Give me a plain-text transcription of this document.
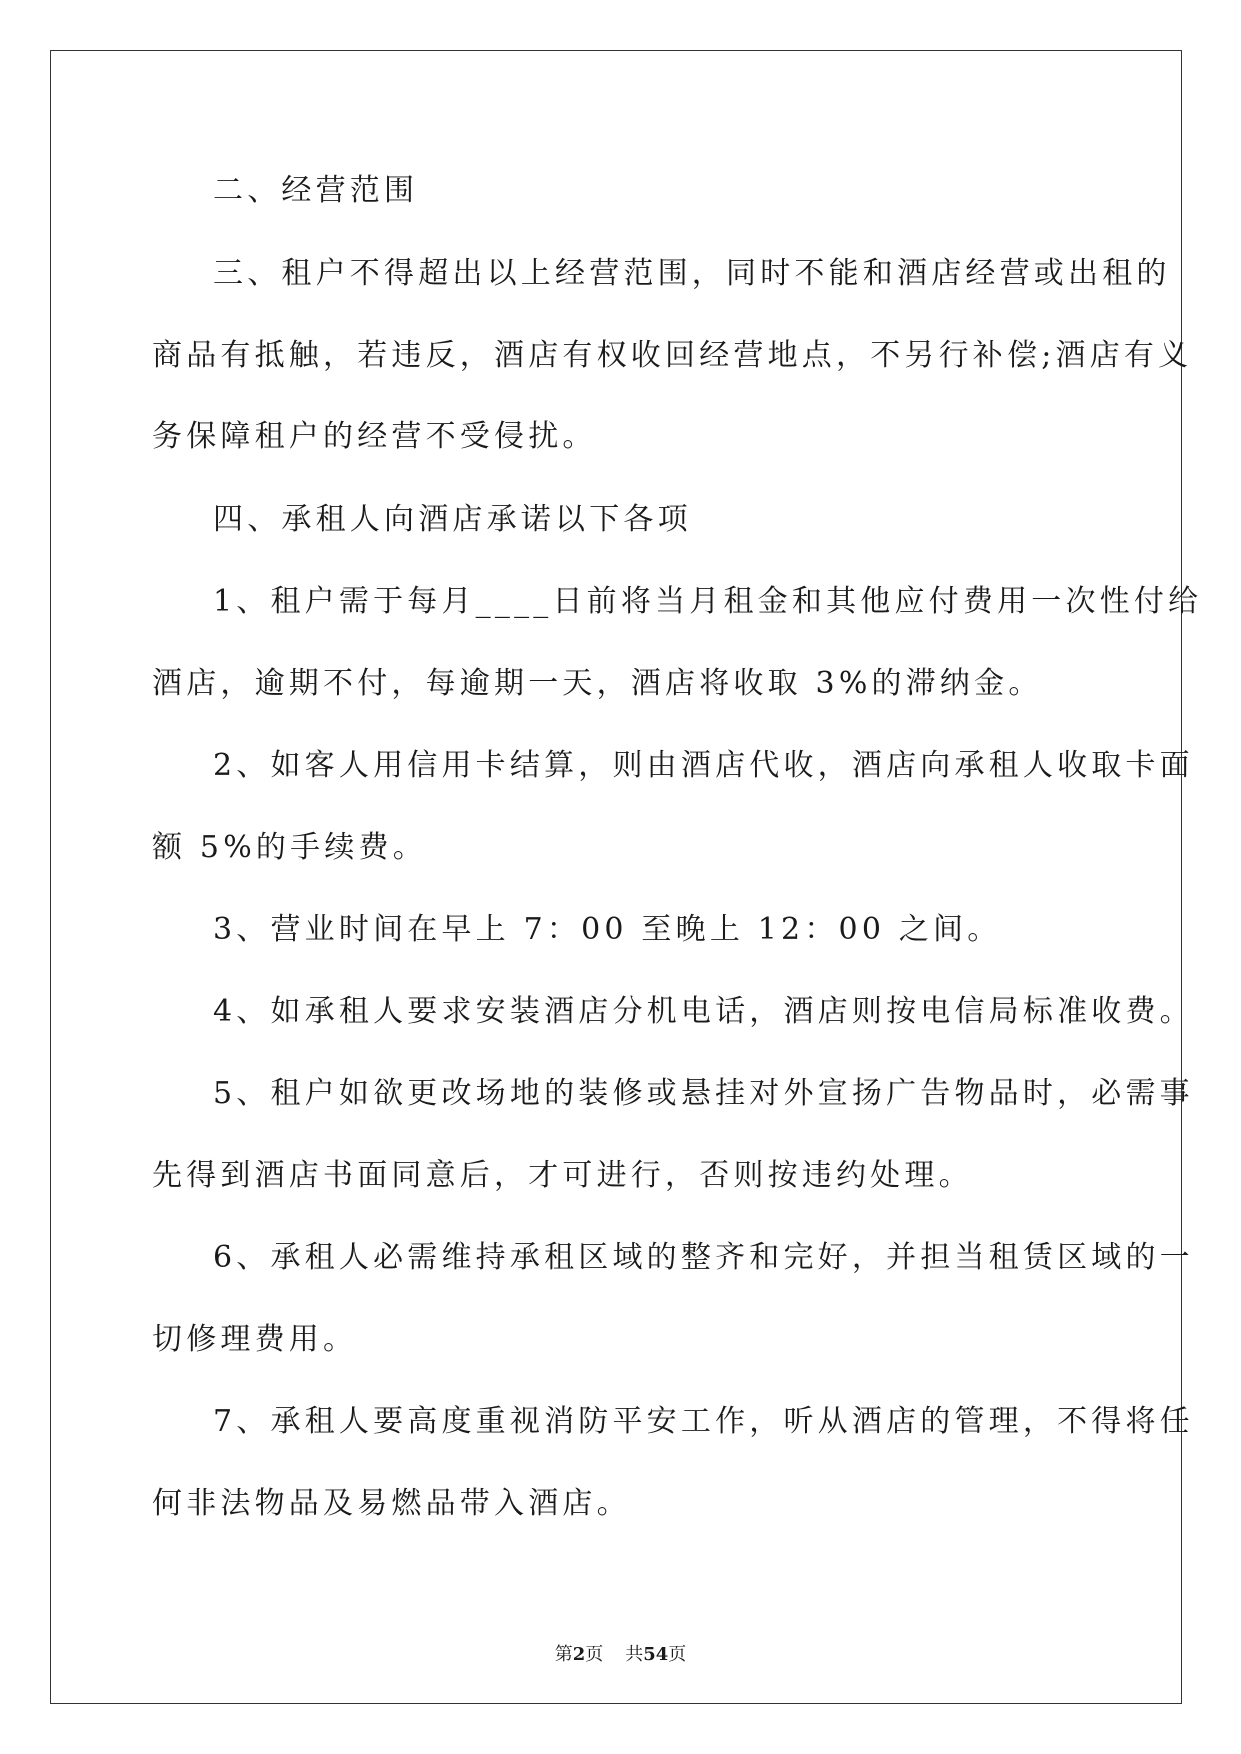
二、经营范围
三、租户不得超出以上经营范围，同时不能和酒店经营或出租的
商品有抵触，若违反，酒店有权收回经营地点，不另行补偿;酒店有义
务保障租户的经营不受侵扰。
四、承租人向酒店承诺以下各项
1、租户需于每月____日前将当月租金和其他应付费用一次性付给
酒店，逾期不付，每逾期一天，酒店将收取 3%的滞纳金。
2、如客人用信用卡结算，则由酒店代收，酒店向承租人收取卡面
额 5%的手续费。
3、营业时间在早上 7：00 至晚上 12：00 之间。
4、如承租人要求安装酒店分机电话，酒店则按电信局标准收费。
5、租户如欲更改场地的装修或悬挂对外宣扬广告物品时，必需事
先得到酒店书面同意后，才可进行，否则按违约处理。
6、承租人必需维持承租区域的整齐和完好，并担当租赁区域的一
切修理费用。
7、承租人要高度重视消防平安工作，听从酒店的管理，不得将任
何非法物品及易燃品带入酒店。
第2页 共54页
